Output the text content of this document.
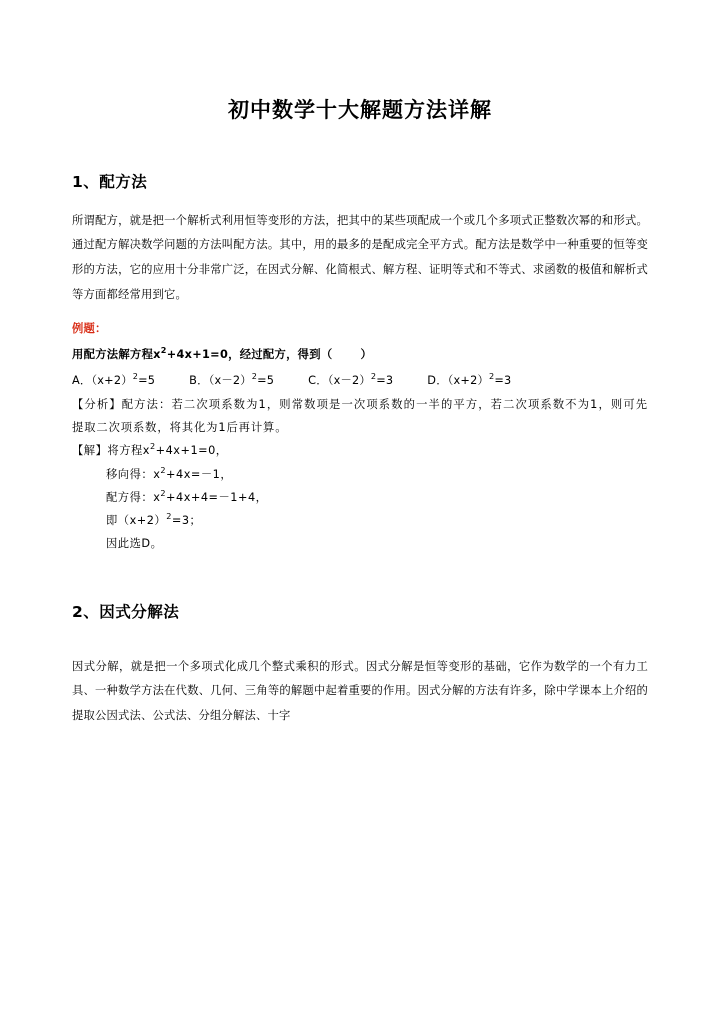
初中数学十大解题方法详解
1、配方法

所谓配方，就是把一个解析式利用恒等变形的方法，把其中的某些项配成一个或几个多项式正整数次幂的和形式。通过配方解决数学问题的方法叫配方法。其中，用的最多的是配成完全平方式。配方法是数学中一种重要的恒等变形的方法，它的应用十分非常广泛，在因式分解、化简根式、解方程、证明等式和不等式、求函数的极值和解析式等方面都经常用到它。

例题：

用配方法解方程$x^2+4x+1=0$，经过配方，得到（ ）

A．$(x+2)^2=5$	B．$(x-2)^2=5$	C．$(x-2)^2=3$	D．$(x+2)^2=3$

【分析】配方法：若二次项系数为1，则常数项是一次项系数的一半的平方，若二次项系数不为1，则可先提取二次项系数，将其化为1后再计算。

【解】将方程$x^2+4x+1=0$，

移向得：$x^2+4x=-1$，

配方得：$x^2+4x+4=-1+4$，

即$(x+2)^2=3$；

因此选D。

2、因式分解法

因式分解，就是把一个多项式化成几个整式乘积的形式。因式分解是恒等变形的基础，它作为数学的一个有力工具、一种数学方法在代数、几何、三角等的解题中起着重要的作用。因式分解的方法有许多，除中学课本上介绍的提取公因式法、公式法、分组分解法、十字
